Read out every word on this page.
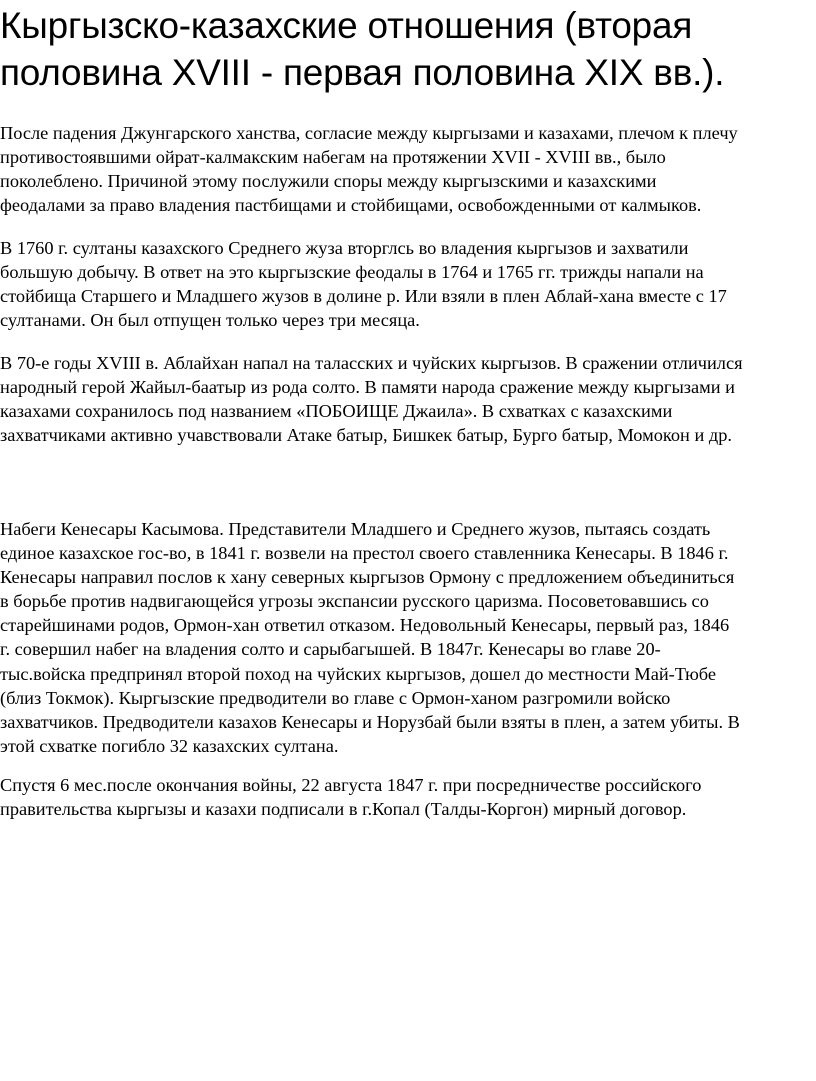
Кыргызско-казахские отношения (вторая
половина XVIII - первая половина XIX вв.).

После падения Джунгарского ханства, согласие между кыргызами и казахами, плечом к плечу
противостоявшими ойрат-калмакским набегам на протяжении XVII - XVIII вв., было
поколеблено. Причиной этому послужили споры между кыргызскими и казахскими
феодалами за право владения пастбищами и стойбищами, освобожденными от калмыков.

В 1760 г. султаны казахского Среднего жуза вторглсь во владения кыргызов и захватили
большую добычу. В ответ на это кыргызские феодалы в 1764 и 1765 гг. трижды напали на
стойбища Старшего и Младшего жузов в долине р. Или взяли в плен Аблай-хана вместе с 17
султанами. Он был отпущен только через три месяца.

В 70-е годы XVIII в. Аблайхан напал на таласских и чуйских кыргызов. В сражении отличился
народный герой Жайыл-баатыр из рода солто. В памяти народа сражение между кыргызами и
казахами сохранилось под названием «ПОБОИЩЕ Джаила». В схватках с казахскими
захватчиками активно учавствовали Атаке батыр, Бишкек батыр, Бурго батыр, Момокон и др.

Набеги Кенесары Касымова. Представители Младшего и Среднего жузов, пытаясь создать
единое казахское гос-во, в 1841 г. возвели на престол своего ставленника Кенесары. В 1846 г.
Кенесары направил послов к хану северных кыргызов Ормону с предложением объединиться
в борьбе против надвигающейся угрозы экспансии русского царизма. Посоветовавшись со
старейшинами родов, Ормон-хан ответил отказом. Недовольный Кенесары, первый раз, 1846
г. совершил набег на владения солто и сарыбагышей. В 1847г. Кенесары во главе 20-
тыс.войска предпринял второй поход на чуйских кыргызов, дошел до местности Май-Тюбе
(близ Токмок). Кыргызские предводители во главе с Ормон-ханом разгромили войско
захватчиков. Предводители казахов Кенесары и Норузбай были взяты в плен, а затем убиты. В
этой схватке погибло 32 казахских султана.

Спустя 6 мес.после окончания войны, 22 августа 1847 г. при посредничестве российского
правительства кыргызы и казахи подписали в г.Копал (Талды-Коргон) мирный договор.
